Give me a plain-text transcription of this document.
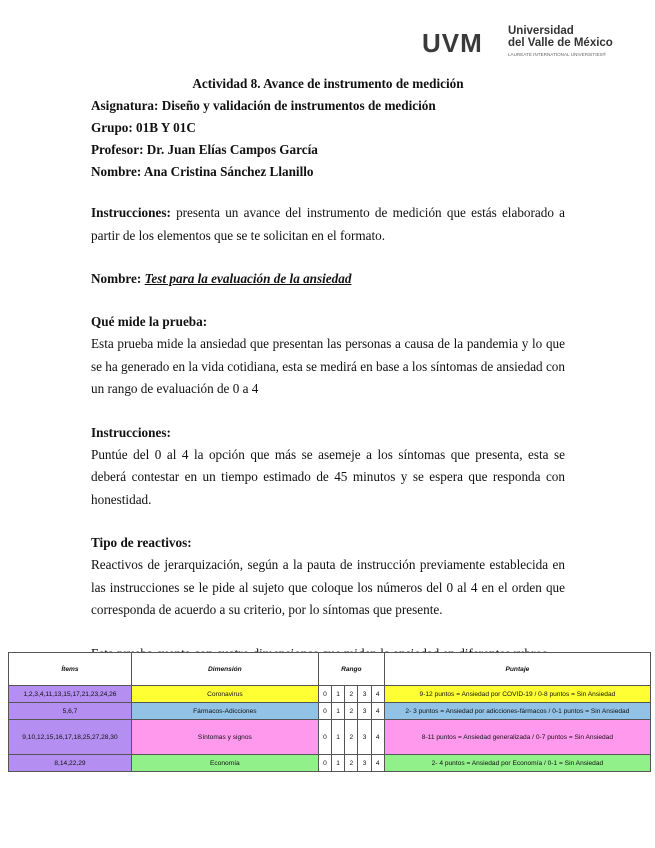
UVM Universidad
del Valle de México
LAUREATE INTERNATIONAL UNIVERSITIES®

Actividad 8. Avance de instrumento de medición

Asignatura: Diseño y validación de instrumentos de medición

Grupo: 01B Y 01C

Profesor: Dr. Juan Elías Campos García

Nombre: Ana Cristina Sánchez Llanillo

Instrucciones: presenta un avance del instrumento de medición que estás elaborado a partir de los elementos que se te solicitan en el formato.

Nombre: Test para la evaluación de la ansiedad

Qué mide la prueba:

Esta prueba mide la ansiedad que presentan las personas a causa de la pandemia y lo que se ha generado en la vida cotidiana, esta se medirá en base a los síntomas de ansiedad con un rango de evaluación de 0 a 4

Instrucciones:

Puntúe del 0 al 4 la opción que más se asemeje a los síntomas que presenta, esta se deberá contestar en un tiempo estimado de 45 minutos y se espera que responda con honestidad.

Tipo de reactivos:

Reactivos de jerarquización, según a la pauta de instrucción previamente establecida en las instrucciones se le pide al sujeto que coloque los números del 0 al 4 en el orden que corresponda de acuerdo a su criterio, por lo síntomas que presente.

Ítems	Dimensión	Rango					Puntaje
1,2,3,4,11,13,15,17,21,23,24,26	Coronavirus	0	1	2	3	4	9-12 puntos = Ansiedad por COVID-19 / 0-8 puntos = Sin Ansiedad
5,6,7	Fármacos-Adicciones	0	1	2	3	4	2- 3 puntos = Ansiedad por adicciones-fármacos / 0-1 puntos = Sin Ansiedad
9,10,12,15,16,17,18,25,27,28,30	Síntomas y signos	0	1	2	3	4	8-11 puntos = Ansiedad generalizada / 0-7 puntos = Sin Ansiedad
8,14,22,29	Economía	0	1	2	3	4	2- 4 puntos = Ansiedad por Economía / 0-1 = Sin Ansiedad
